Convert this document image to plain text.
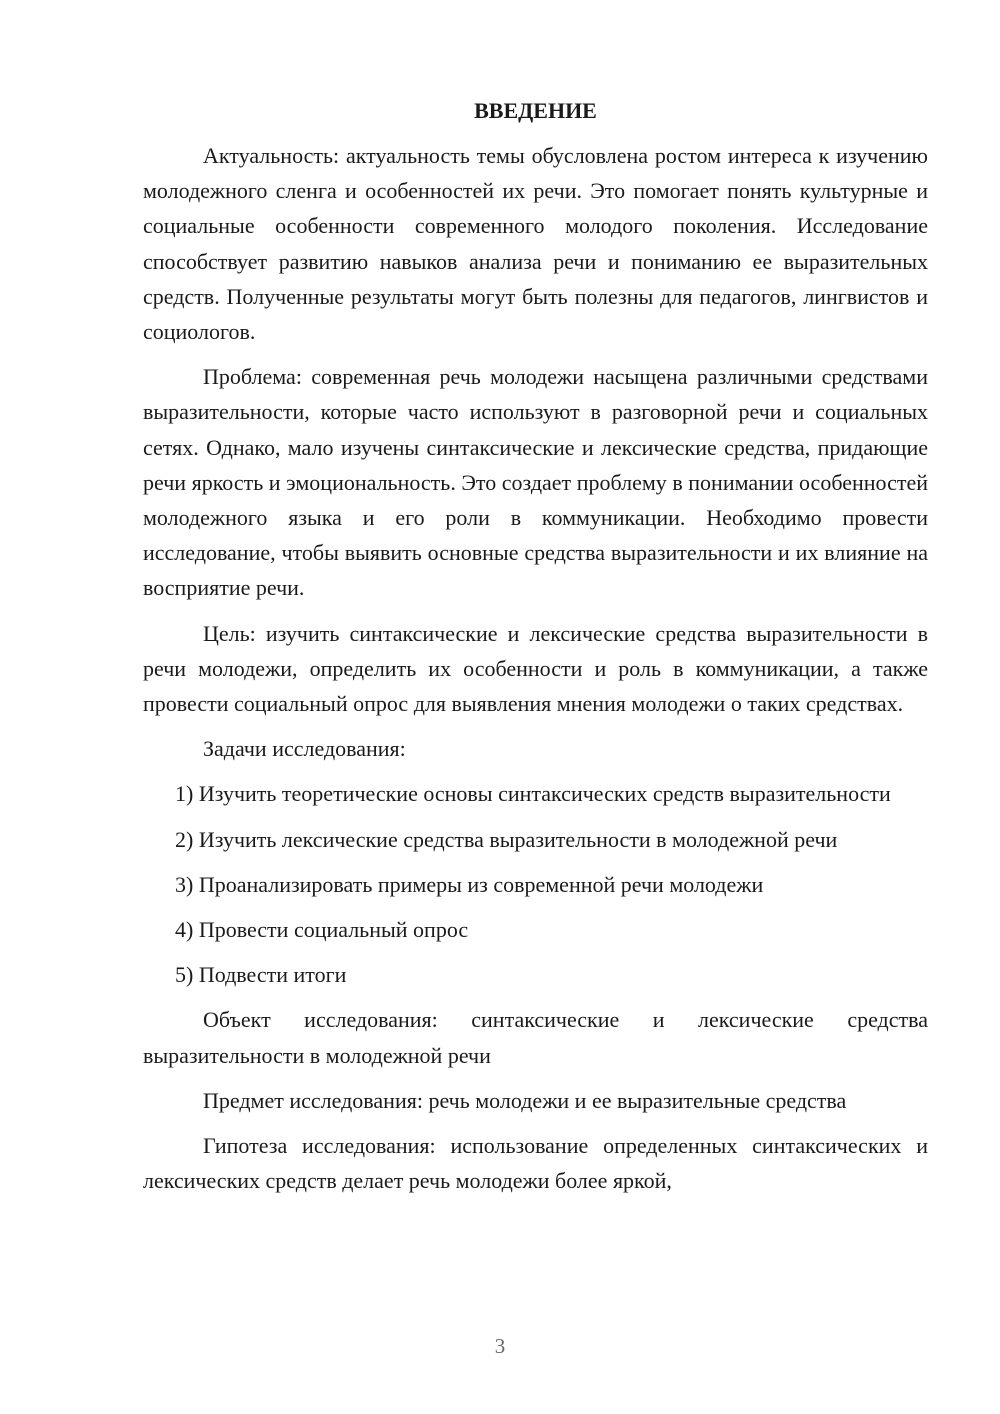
ВВЕДЕНИЕ

Актуальность: актуальность темы обусловлена ростом интереса к изучению молодежного сленга и особенностей их речи. Это помогает понять культурные и социальные особенности современного молодого поколения. Исследование способствует развитию навыков анализа речи и пониманию ее выразительных средств. Полученные результаты могут быть полезны для педагогов, лингвистов и социологов.

Проблема: современная речь молодежи насыщена различными средствами выразительности, которые часто используют в разговорной речи и социальных сетях. Однако, мало изучены синтаксические и лексические средства, придающие речи яркость и эмоциональность. Это создает проблему в понимании особенностей молодежного языка и его роли в коммуникации. Необходимо провести исследование, чтобы выявить основные средства выразительности и их влияние на восприятие речи.

Цель: изучить синтаксические и лексические средства выразительности в речи молодежи, определить их особенности и роль в коммуникации, а также провести социальный опрос для выявления мнения молодежи о таких средствах.

Задачи исследования:

1) Изучить теоретические основы синтаксических средств выразительности

2) Изучить лексические средства выразительности в молодежной речи

3) Проанализировать примеры из современной речи молодежи

4) Провести социальный опрос

5) Подвести итоги

Объект исследования: синтаксические и лексические средства выразительности в молодежной речи

Предмет исследования: речь молодежи и ее выразительные средства

Гипотеза исследования: использование определенных синтаксических и лексических средств делает речь молодежи более яркой,

3
